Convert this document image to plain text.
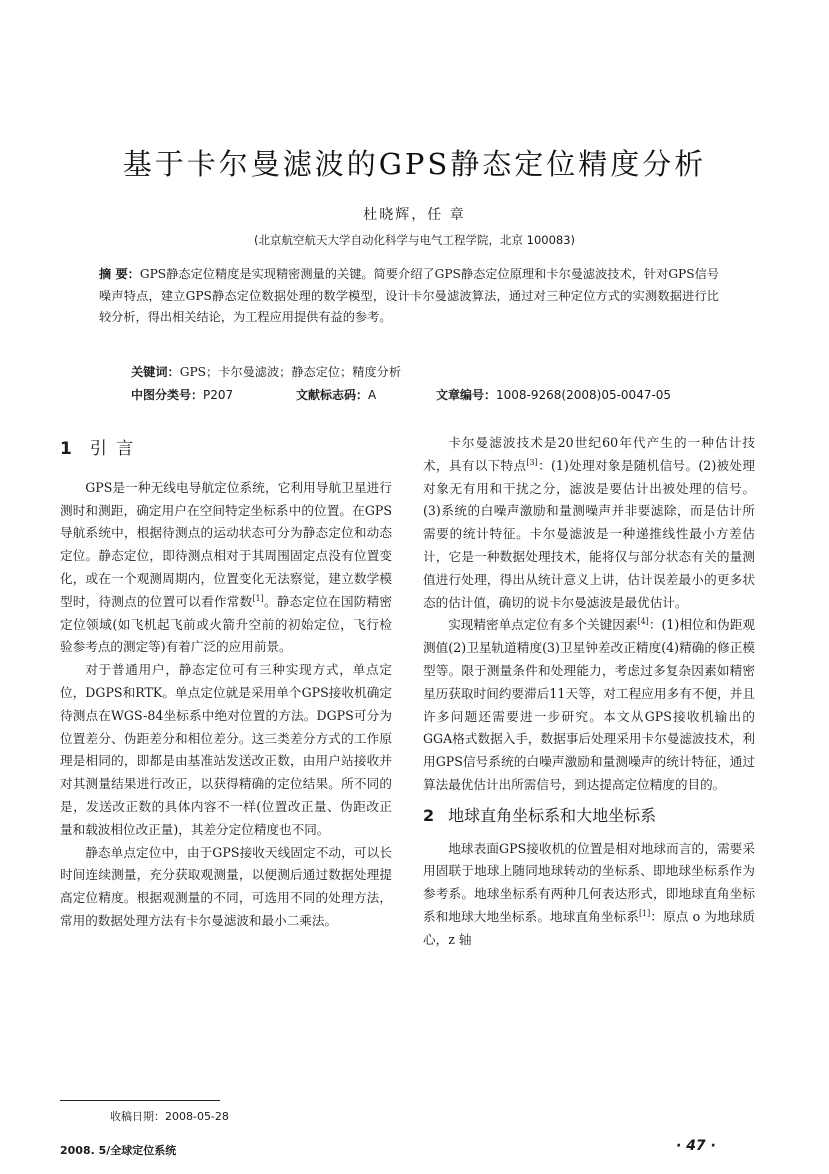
基于卡尔曼滤波的GPS静态定位精度分析
杜晓辉，任 章
(北京航空航天大学自动化科学与电气工程学院，北京 100083)
摘 要：GPS静态定位精度是实现精密测量的关键。简要介绍了GPS静态定位原理和卡尔曼滤波技术，针对GPS信号噪声特点，建立GPS静态定位数据处理的数学模型，设计卡尔曼滤波算法，通过对三种定位方式的实测数据进行比较分析，得出相关结论，为工程应用提供有益的参考。
关键词：GPS；卡尔曼滤波；静态定位；精度分析
中图分类号：P207	文献标志码：A	文章编号：1008-9268(2008)05-0047-05
1 引 言

GPS是一种无线电导航定位系统，它利用导航卫星进行测时和测距，确定用户在空间特定坐标系中的位置。在GPS导航系统中，根据待测点的运动状态可分为静态定位和动态定位。静态定位，即待测点相对于其周围固定点没有位置变化，或在一个观测周期内，位置变化无法察觉，建立数学模型时，待测点的位置可以看作常数[1]。静态定位在国防精密定位领域(如飞机起飞前或火箭升空前的初始定位，飞行检验参考点的测定等)有着广泛的应用前景。

对于普通用户，静态定位可有三种实现方式，单点定位，DGPS和RTK。单点定位就是采用单个GPS接收机确定待测点在WGS-84坐标系中绝对位置的方法。DGPS可分为位置差分、伪距差分和相位差分。这三类差分方式的工作原理是相同的，即都是由基准站发送改正数，由用户站接收并对其测量结果进行改正，以获得精确的定位结果。所不同的是，发送改正数的具体内容不一样(位置改正量、伪距改正量和载波相位改正量)，其差分定位精度也不同。

静态单点定位中，由于GPS接收天线固定不动，可以长时间连续测量，充分获取观测量，以便测后通过数据处理提高定位精度。根据观测量的不同，可选用不同的处理方法，常用的数据处理方法有卡尔曼滤波和最小二乘法。

卡尔曼滤波技术是20世纪60年代产生的一种估计技术，具有以下特点[3]：(1)处理对象是随机信号。(2)被处理对象无有用和干扰之分，滤波是要估计出被处理的信号。(3)系统的白噪声激励和量测噪声并非要滤除，而是估计所需要的统计特征。卡尔曼滤波是一种递推线性最小方差估计，它是一种数据处理技术，能将仅与部分状态有关的量测值进行处理，得出从统计意义上讲，估计误差最小的更多状态的估计值，确切的说卡尔曼滤波是最优估计。

实现精密单点定位有多个关键因素[4]：(1)相位和伪距观测值(2)卫星轨道精度(3)卫星钟差改正精度(4)精确的修正模型等。限于测量条件和处理能力，考虑过多复杂因素如精密星历获取时间约要滞后11天等，对工程应用多有不便，并且许多问题还需要进一步研究。本文从GPS接收机输出的GGA格式数据入手，数据事后处理采用卡尔曼滤波技术，利用GPS信号系统的白噪声激励和量测噪声的统计特征，通过算法最优估计出所需信号，到达提高定位精度的目的。

2 地球直角坐标系和大地坐标系

地球表面GPS接收机的位置是相对地球而言的，需要采用固联于地球上随同地球转动的坐标系、即地球坐标系作为参考系。地球坐标系有两种几何表达形式，即地球直角坐标系和地球大地坐标系。地球直角坐标系[1]：原点 o 为地球质心，z 轴

收稿日期：2008-05-28
2008. 5/全球定位系统	· 47 ·
